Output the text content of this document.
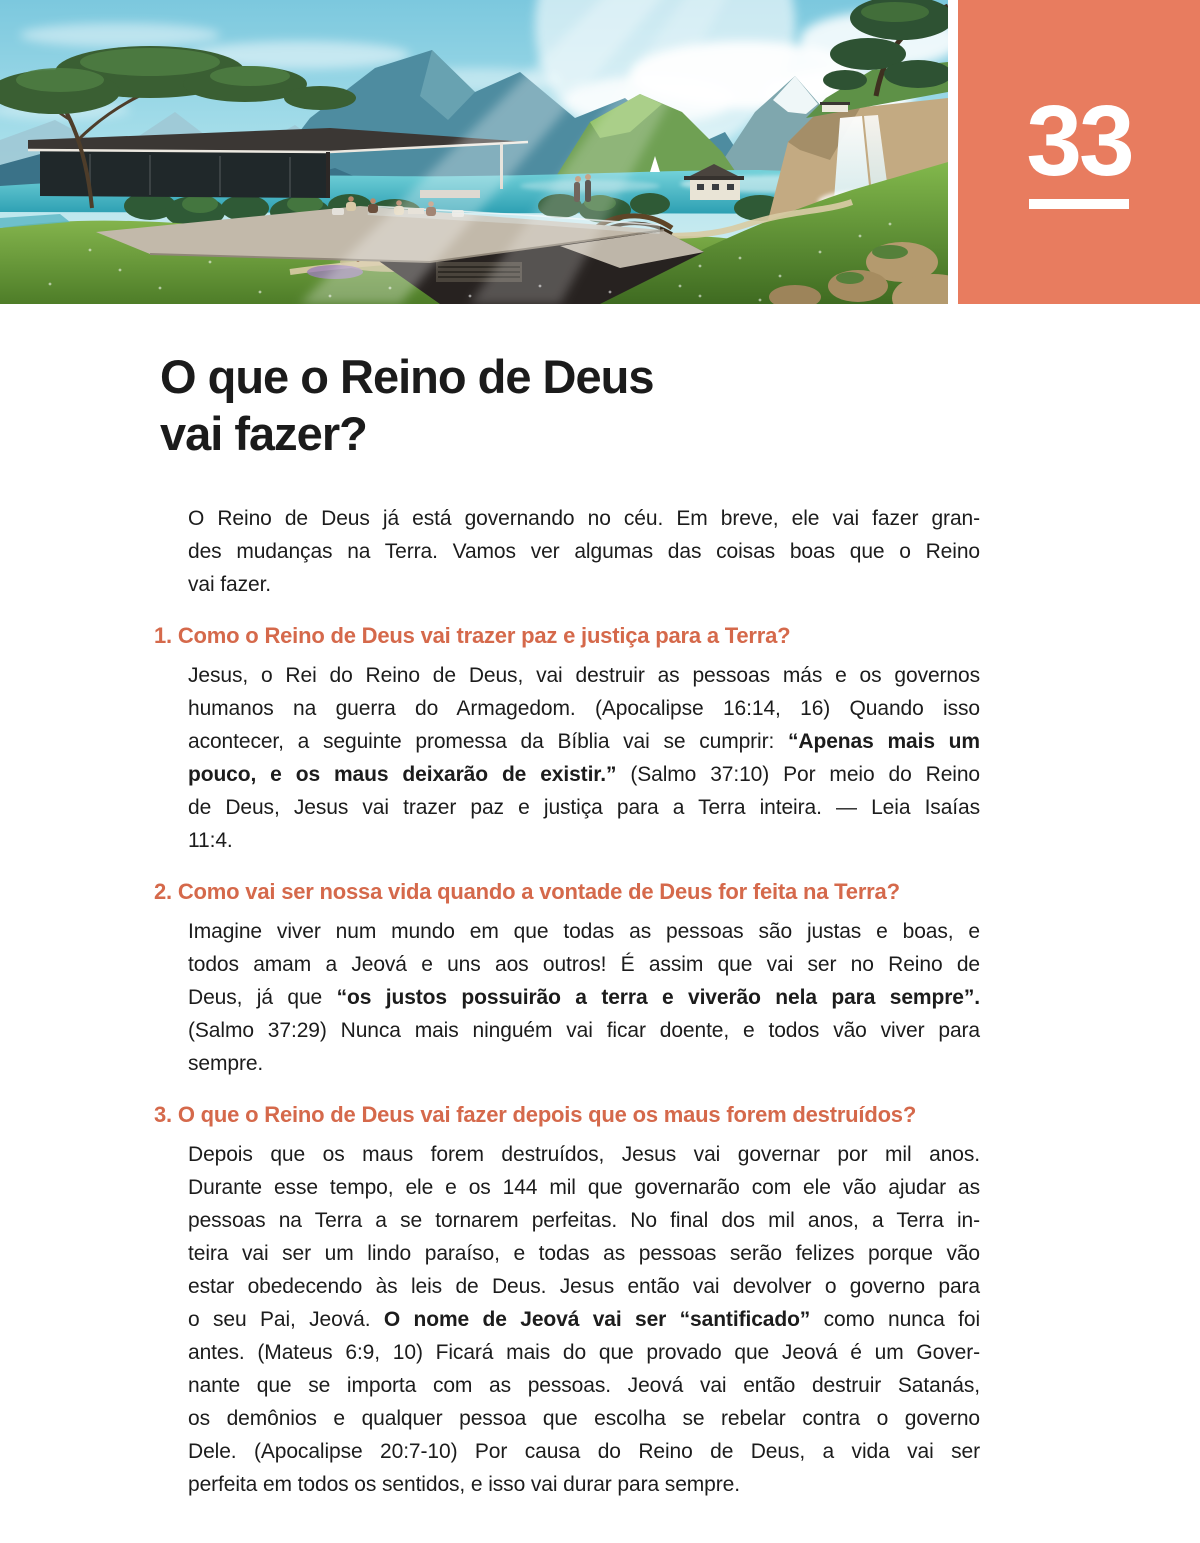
33
O que o Reino de Deus
vai fazer?
O Reino de Deus já está governando no céu. Em breve, ele vai fazer gran-
des mudanças na Terra. Vamos ver algumas das coisas boas que o Reino
vai fazer.
1. Como o Reino de Deus vai trazer paz e justiça para a Terra?
Jesus, o Rei do Reino de Deus, vai destruir as pessoas más e os governos
humanos na guerra do Armagedom. (Apocalipse 16:14, 16) Quando isso
acontecer, a seguinte promessa da Bíblia vai se cumprir: “Apenas mais um
pouco, e os maus deixarão de existir.” (Salmo 37:10) Por meio do Reino
de Deus, Jesus vai trazer paz e justiça para a Terra inteira. — Leia Isaías
11:4.
2. Como vai ser nossa vida quando a vontade de Deus for feita na Terra?
Imagine viver num mundo em que todas as pessoas são justas e boas, e
todos amam a Jeová e uns aos outros! É assim que vai ser no Reino de
Deus, já que “os justos possuirão a terra e viverão nela para sempre”.
(Salmo 37:29) Nunca mais ninguém vai ficar doente, e todos vão viver para
sempre.
3. O que o Reino de Deus vai fazer depois que os maus forem destruídos?
Depois que os maus forem destruídos, Jesus vai governar por mil anos.
Durante esse tempo, ele e os 144 mil que governarão com ele vão ajudar as
pessoas na Terra a se tornarem perfeitas. No final dos mil anos, a Terra in-
teira vai ser um lindo paraíso, e todas as pessoas serão felizes porque vão
estar obedecendo às leis de Deus. Jesus então vai devolver o governo para
o seu Pai, Jeová. O nome de Jeová vai ser “santificado” como nunca foi
antes. (Mateus 6:9, 10) Ficará mais do que provado que Jeová é um Gover-
nante que se importa com as pessoas. Jeová vai então destruir Satanás,
os demônios e qualquer pessoa que escolha se rebelar contra o governo
Dele. (Apocalipse 20:7-10) Por causa do Reino de Deus, a vida vai ser
perfeita em todos os sentidos, e isso vai durar para sempre.
